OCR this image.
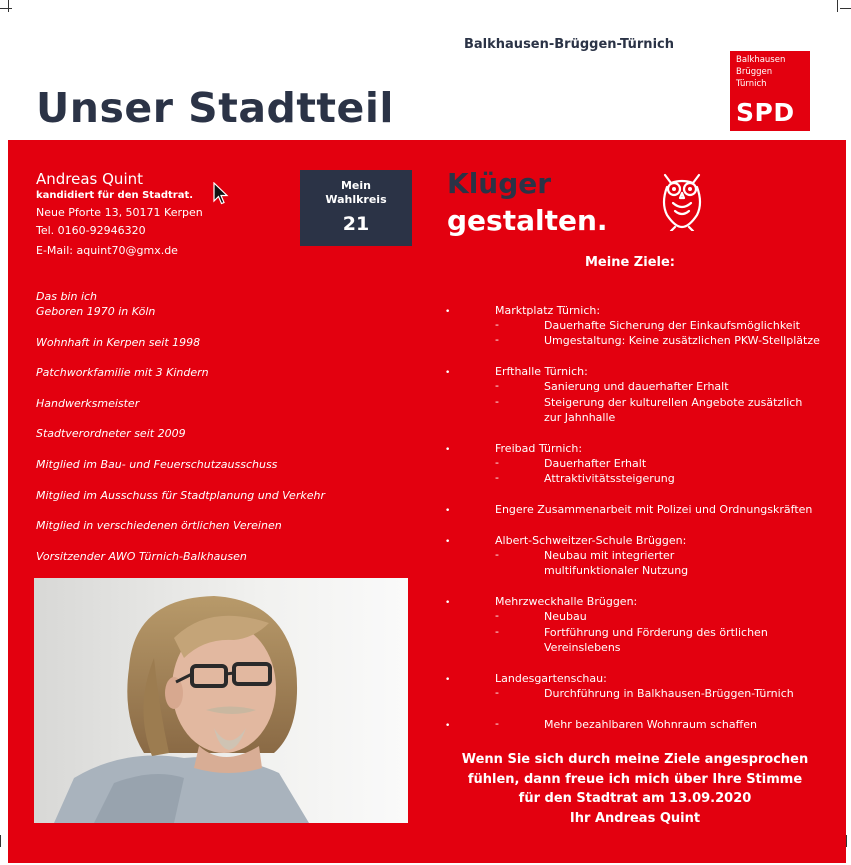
Balkhausen-Brüggen-Türnich
Unser Stadtteil
Balkhausen
Brüggen
Türnich
SPD
Andreas Quint
kandidiert für den Stadtrat.
Neue Pforte 13, 50171 Kerpen
Tel. 0160-92946320
E-Mail: aquint70@gmx.de
Mein
Wahlkreis
21
Das bin ich
Geboren 1970 in Köln
Wohnhaft in Kerpen seit 1998
Patchworkfamilie mit 3 Kindern
Handwerksmeister
Stadtverordneter seit 2009
Mitglied im Bau- und Feuerschutzausschuss
Mitglied im Ausschuss für Stadtplanung und Verkehr
Mitglied in verschiedenen örtlichen Vereinen
Vorsitzender AWO Türnich-Balkhausen
Klüger
gestalten.
Meine Ziele:
•	Marktplatz Türnich:
-	Dauerhafte Sicherung der Einkaufsmöglichkeit
-	Umgestaltung: Keine zusätzlichen PKW-Stellplätze
•	Erfthalle Türnich:
-	Sanierung und dauerhafter Erhalt
-	Steigerung der kulturellen Angebote zusätzlich
zur Jahnhalle
•	Freibad Türnich:
-	Dauerhafter Erhalt
-	Attraktivitätssteigerung
•	Engere Zusammenarbeit mit Polizei und Ordnungskräften
•	Albert-Schweitzer-Schule Brüggen:
-	Neubau mit integrierter
multifunktionaler Nutzung
•	Mehrzweckhalle Brüggen:
-	Neubau
-	Fortführung und Förderung des örtlichen
Vereinslebens
•	Landesgartenschau:
-	Durchführung in Balkhausen-Brüggen-Türnich
•	-	Mehr bezahlbaren Wohnraum schaffen
Wenn Sie sich durch meine Ziele angesprochen
fühlen, dann freue ich mich über Ihre Stimme
für den Stadtrat am 13.09.2020
Ihr Andreas Quint
